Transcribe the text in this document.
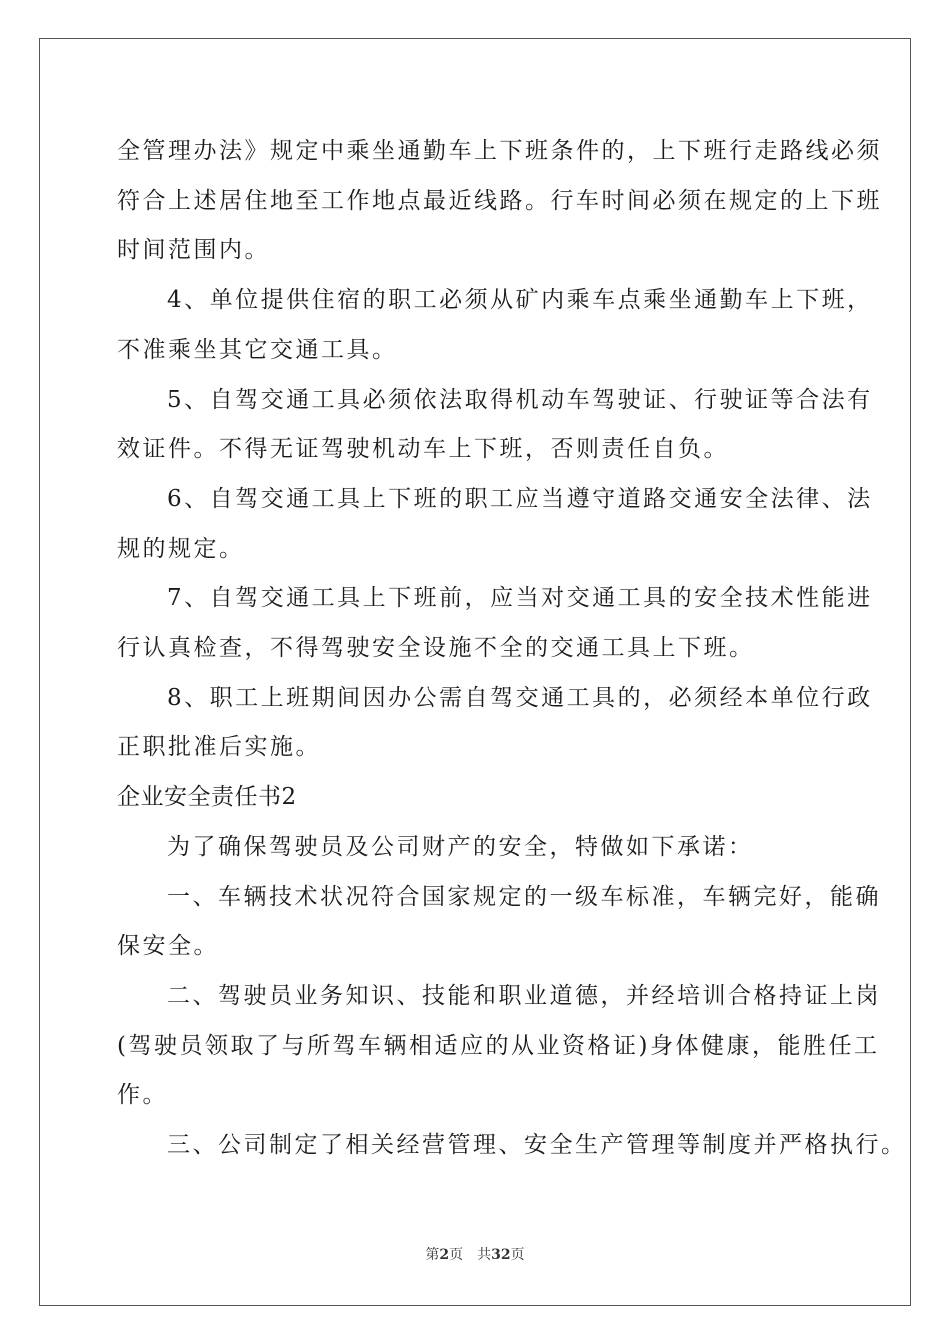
全管理办法》规定中乘坐通勤车上下班条件的，上下班行走路线必须

符合上述居住地至工作地点最近线路。行车时间必须在规定的上下班

时间范围内。

4、单位提供住宿的职工必须从矿内乘车点乘坐通勤车上下班，

不准乘坐其它交通工具。

5、自驾交通工具必须依法取得机动车驾驶证、行驶证等合法有

效证件。不得无证驾驶机动车上下班，否则责任自负。

6、自驾交通工具上下班的职工应当遵守道路交通安全法律、法

规的规定。

7、自驾交通工具上下班前，应当对交通工具的安全技术性能进

行认真检查，不得驾驶安全设施不全的交通工具上下班。

8、职工上班期间因办公需自驾交通工具的，必须经本单位行政

正职批准后实施。

企业安全责任书2

为了确保驾驶员及公司财产的安全，特做如下承诺：

一、车辆技术状况符合国家规定的一级车标准，车辆完好，能确

保安全。

二、驾驶员业务知识、技能和职业道德，并经培训合格持证上岗

(驾驶员领取了与所驾车辆相适应的从业资格证)身体健康，能胜任工

作。

三、公司制定了相关经营管理、安全生产管理等制度并严格执行。

第2页 共32页
